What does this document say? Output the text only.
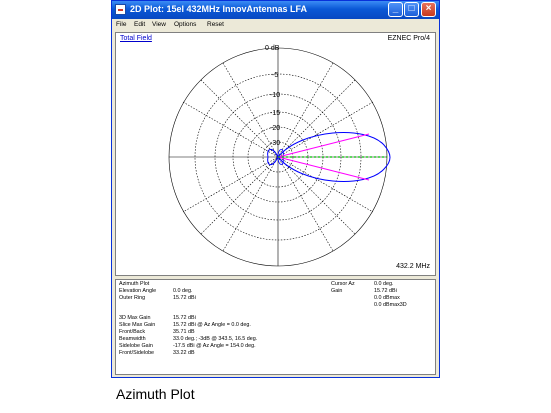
2D Plot: 15el 432MHz InnovAntennas LFA	_	□	×
File Edit View Options Reset
Total Field	EZNEC Pro/4
432.2 MHz
0 dB
-5
-10
-15
-20
-30
Azimuth Plot
Elevation Angle	0.0 deg.
Outer Ring	15.72 dBi
Cursor Az	0.0 deg.
Gain	15.72 dBi
0.0 dBmax
0.0 dBmax3D
3D Max Gain	15.72 dBi
Slice Max Gain	15.72 dBi @ Az Angle = 0.0 deg.
Front/Back	35.71 dB
Beamwidth	33.0 deg.; -3dB @ 343.5, 16.5 deg.
Sidelobe Gain	-17.5 dBi @ Az Angle = 154.0 deg.
Front/Sidelobe	33.22 dB
Azimuth Plot
